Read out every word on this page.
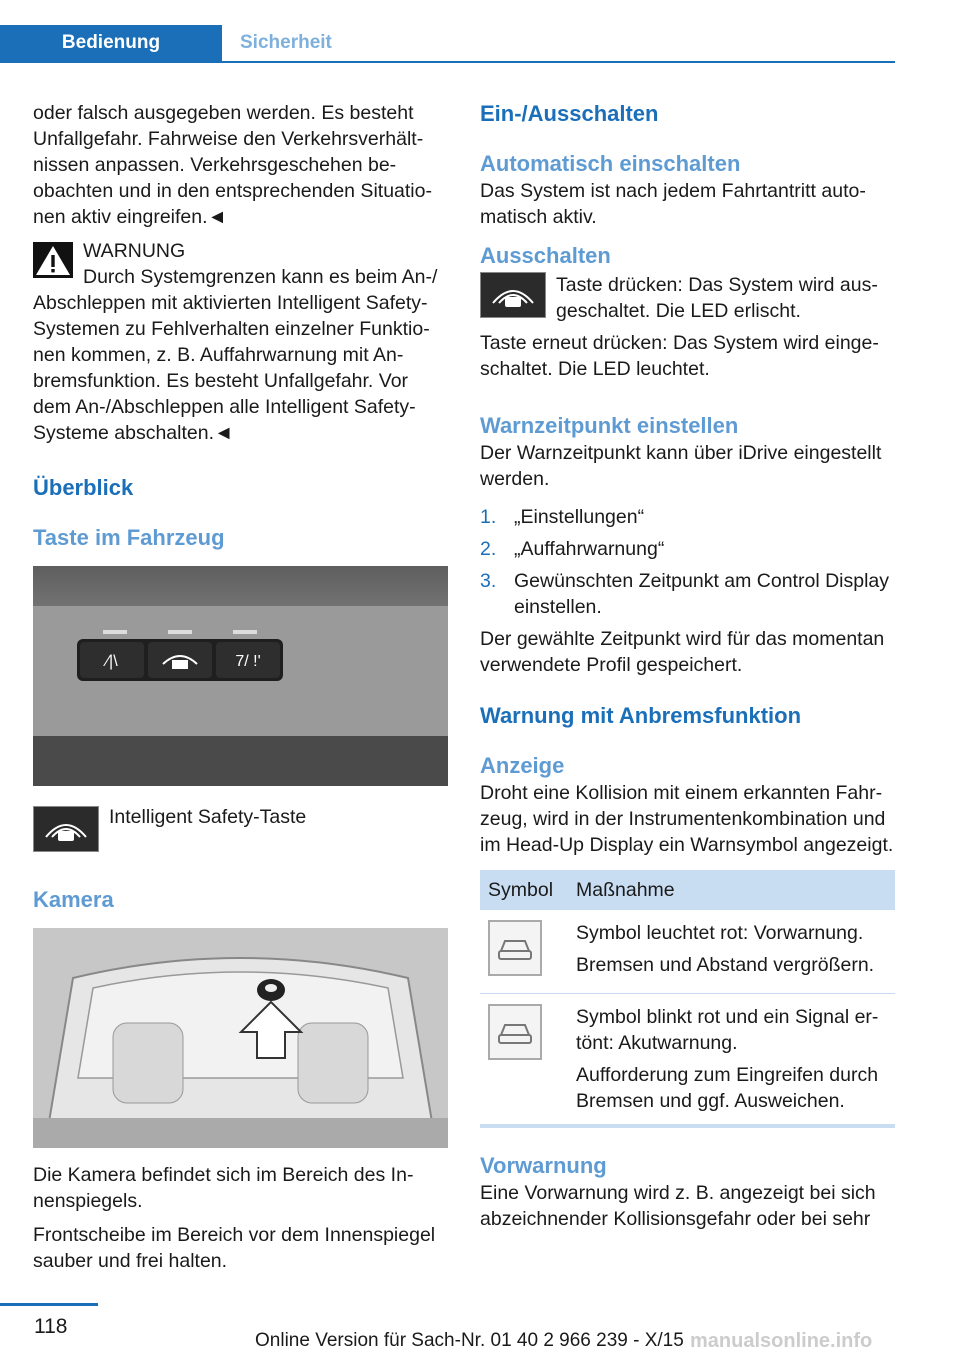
Bedienung	Sicherheit

oder falsch ausgegeben werden. Es besteht Unfallgefahr. Fahrweise den Verkehrsverhältnissen anpassen. Verkehrsgeschehen beobachten und in den entsprechenden Situationen aktiv eingreifen.◄

WARNUNG

Durch Systemgrenzen kann es beim An-/ Abschleppen mit aktivierten Intelligent Safety-Systemen zu Fehlverhalten einzelner Funktionen kommen, z. B. Auffahrwarnung mit Anbremsfunktion. Es besteht Unfallgefahr. Vor dem An-/Abschleppen alle Intelligent Safety-Systeme abschalten.◄

Überblick

Taste im Fahrzeug

⁄|\	7/ !'

Intelligent Safety-Taste

Kamera

Die Kamera befindet sich im Bereich des Innenspiegels.

Frontscheibe im Bereich vor dem Innenspiegel sauber und frei halten.

Ein-/Ausschalten

Automatisch einschalten

Das System ist nach jedem Fahrtantritt automatisch aktiv.

Ausschalten

Taste drücken: Das System wird ausgeschaltet. Die LED erlischt.

Taste erneut drücken: Das System wird eingeschaltet. Die LED leuchtet.

Warnzeitpunkt einstellen

Der Warnzeitpunkt kann über iDrive eingestellt werden.

1. „Einstellungen“
2. „Auffahrwarnung“
3. Gewünschten Zeitpunkt am Control Display einstellen.

Der gewählte Zeitpunkt wird für das momentan verwendete Profil gespeichert.

Warnung mit Anbremsfunktion

Anzeige

Droht eine Kollision mit einem erkannten Fahrzeug, wird in der Instrumentenkombination und im Head-Up Display ein Warnsymbol angezeigt.

Symbol	Maßnahme

Symbol leuchtet rot: Vorwarnung.
Bremsen und Abstand vergrößern.

Symbol blinkt rot und ein Signal ertönt: Akutwarnung.
Aufforderung zum Eingreifen durch Bremsen und ggf. Ausweichen.

Vorwarnung

Eine Vorwarnung wird z. B. angezeigt bei sich abzeichnender Kollisionsgefahr oder bei sehr

118
Online Version für Sach-Nr. 01 40 2 966 239 - X/15 manualsonline.info
